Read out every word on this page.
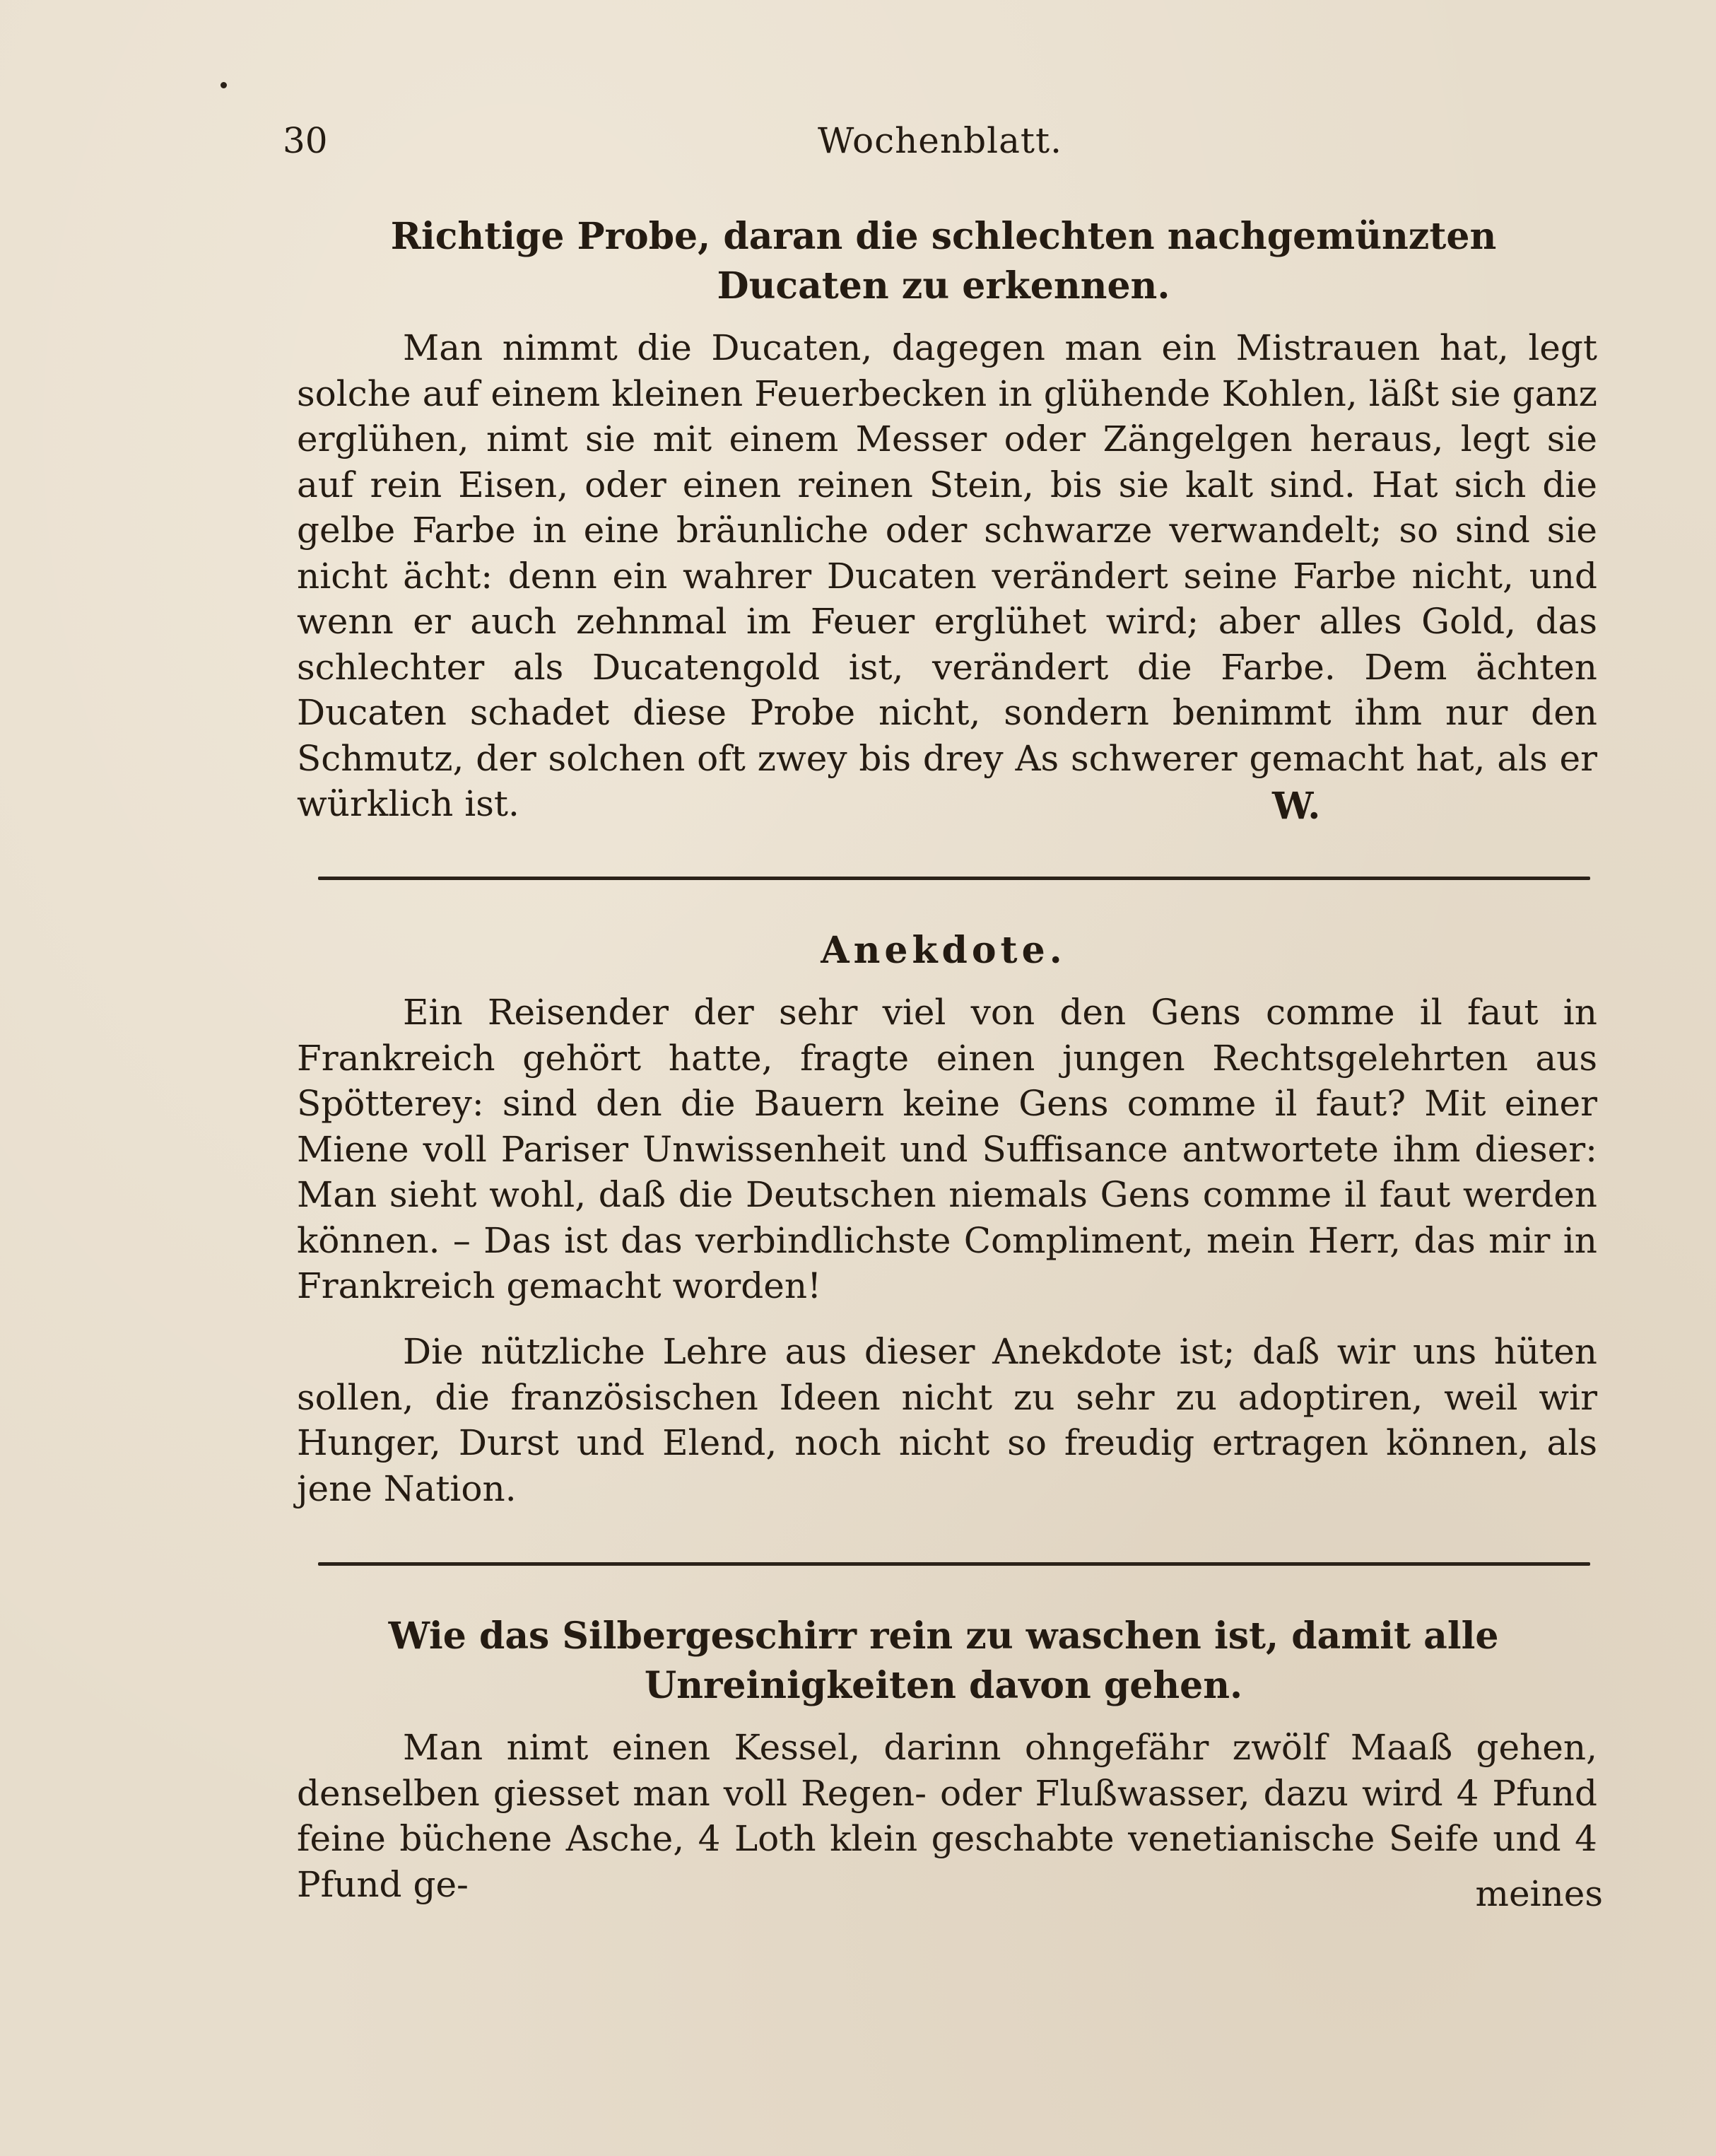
30	Wochenblatt.
Richtige Probe, daran die schlechten nachgemünzten
Ducaten zu erkennen.

Man nimmt die Ducaten, dagegen man ein Mistrauen hat, legt solche auf einem kleinen Feuerbecken in glühende Kohlen, läßt sie ganz erglühen, nimt sie mit einem Messer oder Zängelgen heraus, legt sie auf rein Eisen, oder einen reinen Stein, bis sie kalt sind. Hat sich die gelbe Farbe in eine bräunliche oder schwarze verwandelt; so sind sie nicht ächt: denn ein wahrer Ducaten verändert seine Farbe nicht, und wenn er auch zehnmal im Feuer erglühet wird; aber alles Gold, das schlechter als Ducatengold ist, verändert die Farbe. Dem ächten Ducaten schadet diese Probe nicht, sondern benimmt ihm nur den Schmutz, der solchen oft zwey bis drey As schwerer gemacht hat, als er würklich ist.	W.
Anekdote.

Ein Reisender der sehr viel von den Gens comme il faut in Frankreich gehört hatte, fragte einen jungen Rechtsgelehrten aus Spötterey: sind den die Bauern keine Gens comme il faut? Mit einer Miene voll Pariser Unwissenheit und Suffisance antwortete ihm dieser: Man sieht wohl, daß die Deutschen niemals Gens comme il faut werden können. – Das ist das verbindlichste Compliment, mein Herr, das mir in Frankreich gemacht worden!

Die nützliche Lehre aus dieser Anekdote ist; daß wir uns hüten sollen, die französischen Ideen nicht zu sehr zu adoptiren, weil wir Hunger, Durst und Elend, noch nicht so freudig ertragen können, als jene Nation.

Wie das Silbergeschirr rein zu waschen ist, damit alle
Unreinigkeiten davon gehen.

Man nimt einen Kessel, darinn ohngefähr zwölf Maaß gehen, denselben giesset man voll Regen- oder Flußwasser, dazu wird 4 Pfund feine büchene Asche, 4 Loth klein geschabte venetianische Seife und 4 Pfund ge-	meines
